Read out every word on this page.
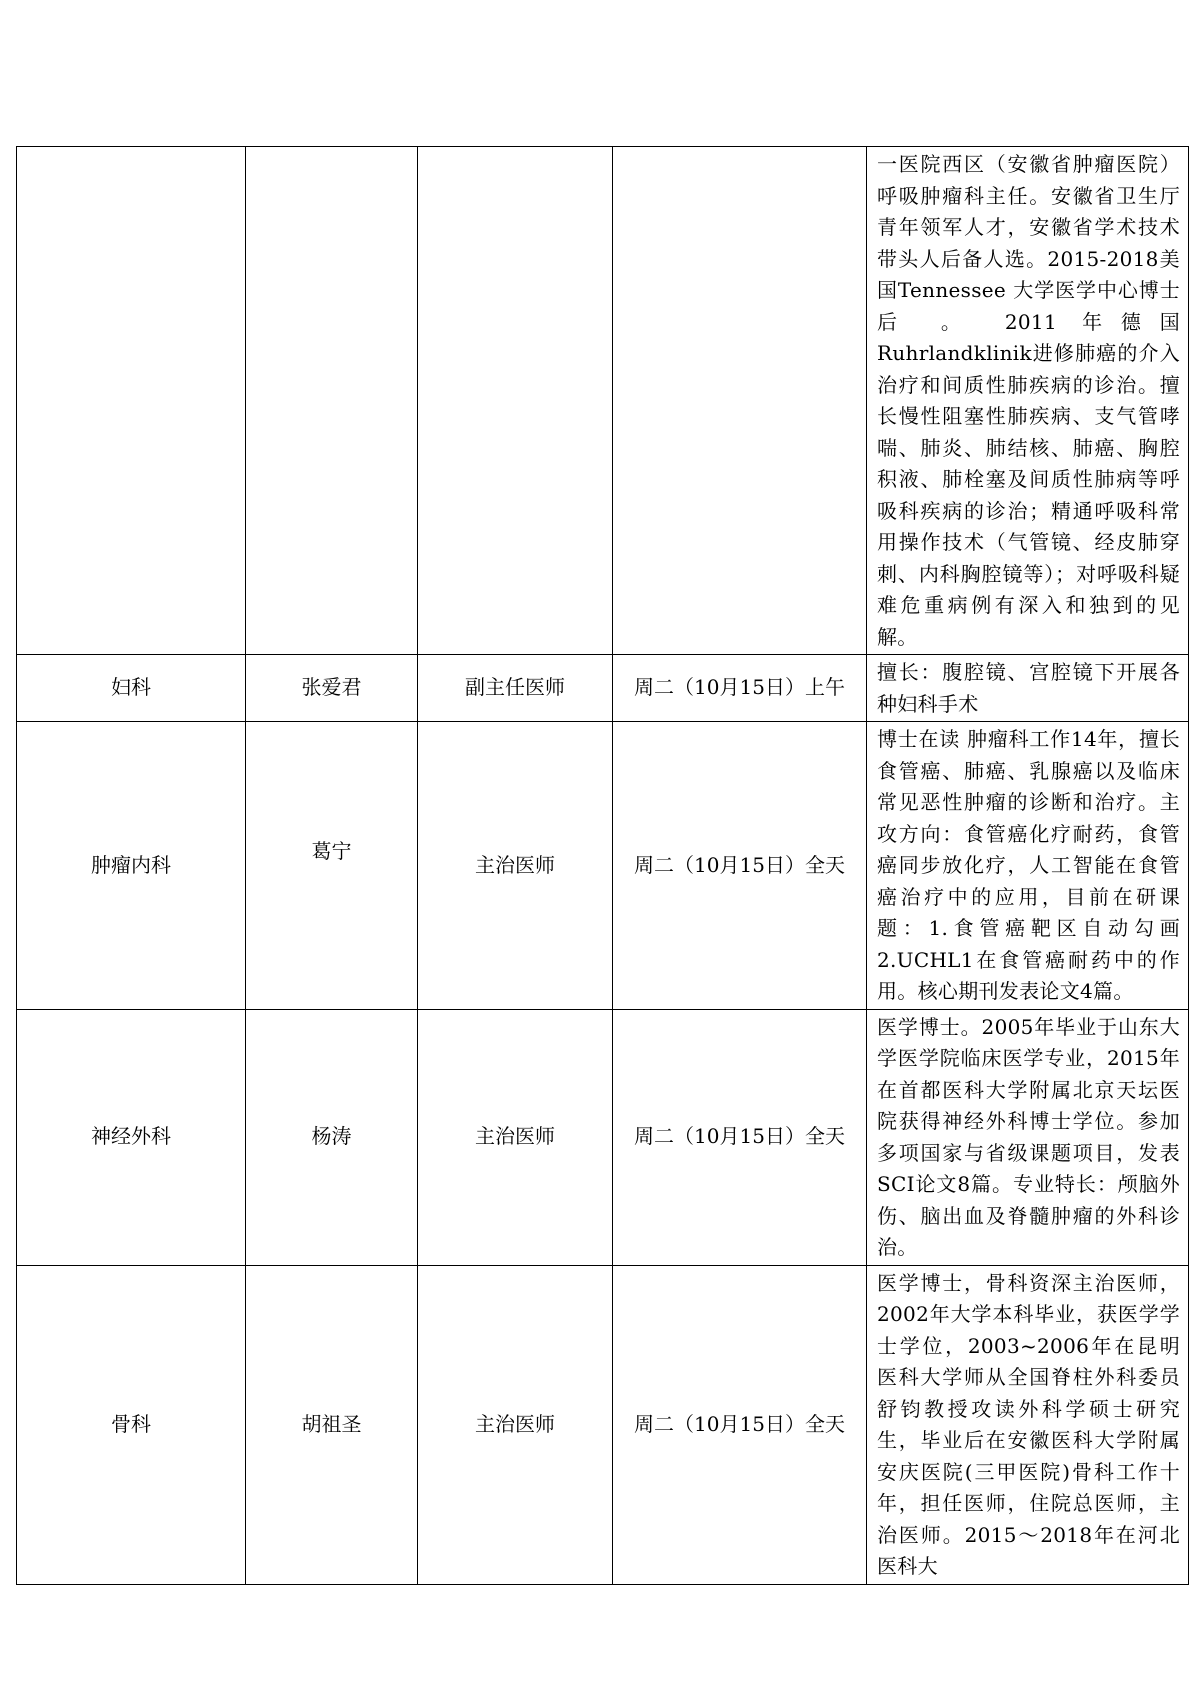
				一医院西区（安徽省肿瘤医院）呼吸肿瘤科主任。安徽省卫生厅青年领军人才，安徽省学术技术带头人后备人选。2015-2018美国Tennessee 大学医学中心博士后 。 2011 年德国Ruhrlandklinik进修肺癌的介入治疗和间质性肺疾病的诊治。擅长慢性阻塞性肺疾病、支气管哮喘、肺炎、肺结核、肺癌、胸腔积液、肺栓塞及间质性肺病等呼吸科疾病的诊治；精通呼吸科常用操作技术（气管镜、经皮肺穿刺、内科胸腔镜等）；对呼吸科疑难危重病例有深入和独到的见解。
妇科	张爱君	副主任医师	周二（10月15日）上午	擅长：腹腔镜、宫腔镜下开展各种妇科手术
肿瘤内科	葛宁	主治医师	周二（10月15日）全天	博士在读 肿瘤科工作14年，擅长食管癌、肺癌、乳腺癌以及临床常见恶性肿瘤的诊断和治疗。主攻方向：食管癌化疗耐药，食管癌同步放化疗，人工智能在食管癌治疗中的应用，目前在研课题：1.食管癌靶区自动勾画 2.UCHL1在食管癌耐药中的作用。核心期刊发表论文4篇。
神经外科	杨涛	主治医师	周二（10月15日）全天	医学博士。2005年毕业于山东大学医学院临床医学专业，2015年在首都医科大学附属北京天坛医院获得神经外科博士学位。参加多项国家与省级课题项目，发表SCI论文8篇。专业特长：颅脑外伤、脑出血及脊髓肿瘤的外科诊治。
骨科	胡祖圣	主治医师	周二（10月15日）全天	医学博士，骨科资深主治医师，2002年大学本科毕业，获医学学士学位，2003~2006年在昆明医科大学师从全国脊柱外科委员舒钧教授攻读外科学硕士研究生，毕业后在安徽医科大学附属安庆医院(三甲医院)骨科工作十年，担任医师，住院总医师，主治医师。2015～2018年在河北医科大
